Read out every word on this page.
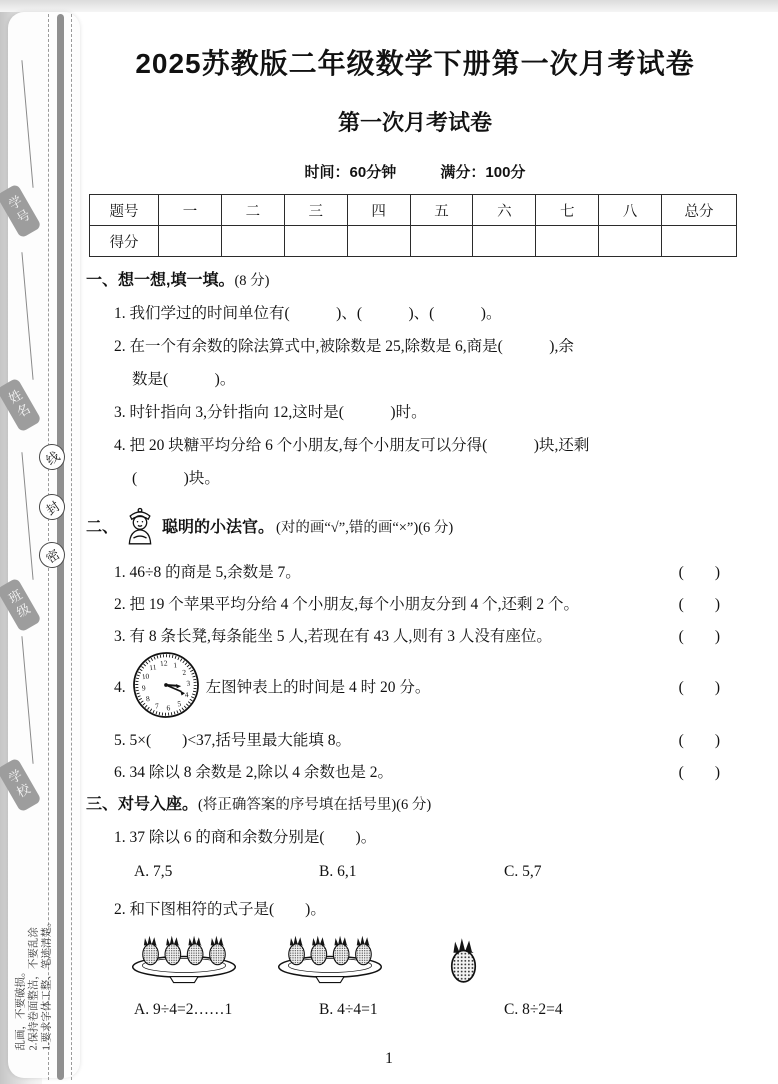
学号
姓名
班级
学校
线
封
密
乱画，不要破损。 2.保持卷面整洁，不要乱涂 1.要求字体工整、笔迹清楚。
2025苏教版二年级数学下册第一次月考试卷
第一次月考试卷
时间：60分钟	满分：100分
题号	一	二	三	四	五	六	七	八	总分
得分									
一、想一想,填一填。(8 分)
1. 我们学过的时间单位有(　　　)、(　　　)、(　　　)。
2. 在一个有余数的除法算式中,被除数是 25,除数是 6,商是(　　　),余
数是(　　　)。
3. 时针指向 3,分针指向 12,这时是(　　　)时。
4. 把 20 块糖平均分给 6 个小朋友,每个小朋友可以分得(　　　)块,还剩
(　　　)块。
二、	聪明的小法官。 (对的画“√”,错的画“×”)(6 分)
1. 46÷8 的商是 5,余数是 7。	(　　)
2. 把 19 个苹果平均分给 4 个小朋友,每个小朋友分到 4 个,还剩 2 个。	(　　)
3. 有 8 条长凳,每条能坐 5 人,若现在有 43 人,则有 3 人没有座位。	(　　)
4.
1
2
3
4
5
6
7
8
9
10
11 12
左图钟表上的时间是 4 时 20 分。	(　　)
5. 5×(　　)<37,括号里最大能填 8。	(　　)
6. 34 除以 8 余数是 2,除以 4 余数也是 2。	(　　)
三、对号入座。(将正确答案的序号填在括号里)(6 分)
1. 37 除以 6 的商和余数分别是(　　)。
A. 7,5	B. 6,1	C. 5,7
2. 和下图相符的式子是(　　)。
A. 9÷4=2……1	B. 4÷4=1	C. 8÷2=4
1
